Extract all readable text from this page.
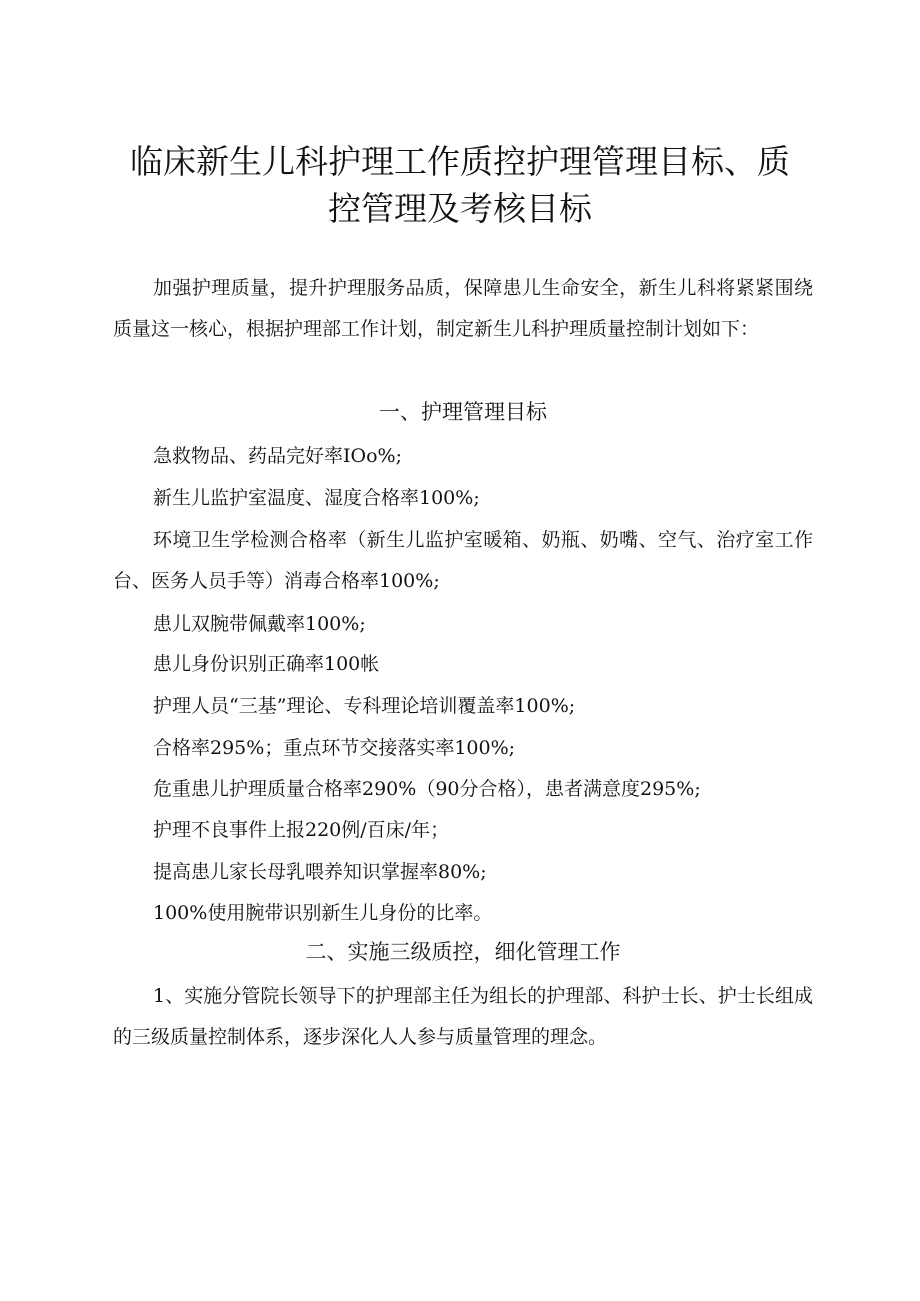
临床新生儿科护理工作质控护理管理目标、质
控管理及考核目标

加强护理质量，提升护理服务品质，保障患儿生命安全，新生儿科将紧紧围绕质量这一核心，根据护理部工作计划，制定新生儿科护理质量控制计划如下：

一、护理管理目标
急救物品、药品完好率IOo%;
新生儿监护室温度、湿度合格率100%;

环境卫生学检测合格率（新生儿监护室暖箱、奶瓶、奶嘴、空气、治疗室工作台、医务人员手等）消毒合格率100%;

患儿双腕带佩戴率100%;
患儿身份识别正确率100帐
护理人员“三基”理论、专科理论培训覆盖率100%;
合格率295%；重点环节交接落实率100%;
危重患儿护理质量合格率290%（90分合格），患者满意度295%;
护理不良事件上报220例/百床/年；
提高患儿家长母乳喂养知识掌握率80%;
100%使用腕带识别新生儿身份的比率。
二、实施三级质控，细化管理工作

1、实施分管院长领导下的护理部主任为组长的护理部、科护士长、护士长组成的三级质量控制体系，逐步深化人人参与质量管理的理念。
